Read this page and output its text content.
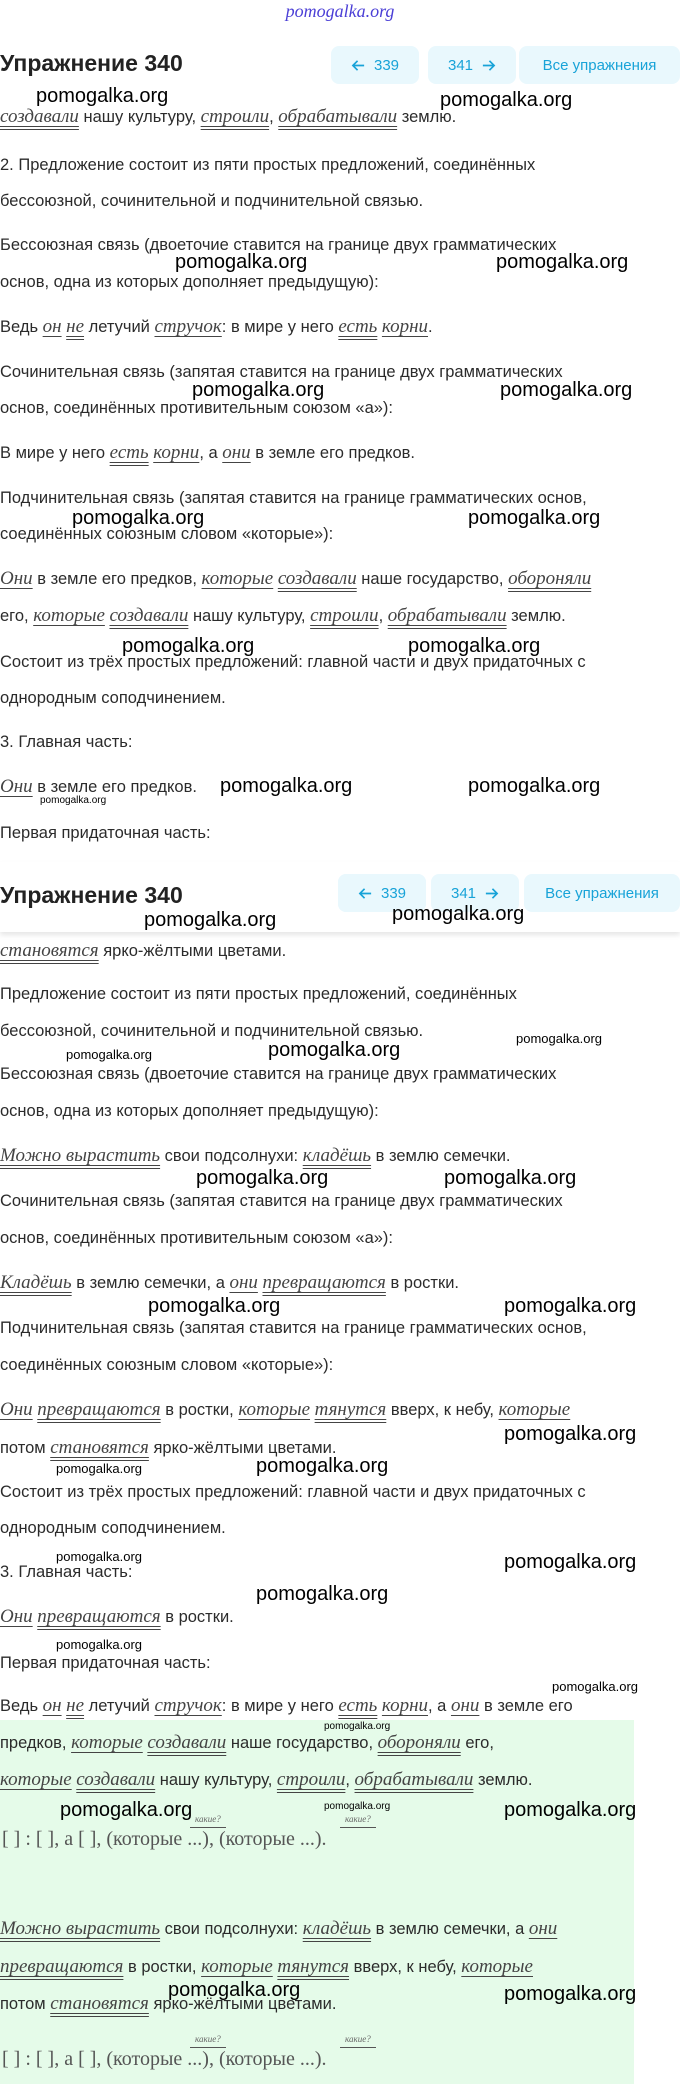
pomogalka.org
Упражнение 340	339	341	Все упражнения

создавали нашу культуру, строили, обрабатывали землю.

2. Предложение состоит из пяти простых предложений, соединённых

бессоюзной, сочинительной и подчинительной связью.

Бессоюзная связь (двоеточие ставится на границе двух грамматических

основ, одна из которых дополняет предыдущую):

Ведь он не летучий стручок: в мире у него есть корни.

Сочинительная связь (запятая ставится на границе двух грамматических

основ, соединённых противительным союзом «а»):

В мире у него есть корни, а они в земле его предков.

Подчинительная связь (запятая ставится на границе грамматических основ,

соединённых союзным словом «которые»):

Они в земле его предков, которые создавали наше государство, обороняли

его, которые создавали нашу культуру, строили, обрабатывали землю.

Состоит из трёх простых предложений: главной части и двух придаточных с

однородным соподчинением.

3. Главная часть:

Они в земле его предков.

Первая придаточная часть:

Упражнение 340	339	341	Все упражнения

становятся ярко-жёлтыми цветами.

Предложение состоит из пяти простых предложений, соединённых

бессоюзной, сочинительной и подчинительной связью.

Бессоюзная связь (двоеточие ставится на границе двух грамматических

основ, одна из которых дополняет предыдущую):

Можно вырастить свои подсолнухи: кладёшь в землю семечки.

Сочинительная связь (запятая ставится на границе двух грамматических

основ, соединённых противительным союзом «а»):

Кладёшь в землю семечки, а они превращаются в ростки.

Подчинительная связь (запятая ставится на границе грамматических основ,

соединённых союзным словом «которые»):

Они превращаются в ростки, которые тянутся вверх, к небу, которые

потом становятся ярко-жёлтыми цветами.

Состоит из трёх простых предложений: главной части и двух придаточных с

однородным соподчинением.

3. Главная часть:

Они превращаются в ростки.

Первая придаточная часть:

Ведь он не летучий стручок: в мире у него есть корни, а они в земле его

предков, которые создавали наше государство, обороняли его,

которые создавали нашу культуру, строили, обрабатывали землю.

какие?	какие?
[ ] : [ ], а [ ], (которые ...), (которые ...).

Можно вырастить свои подсолнухи: кладёшь в землю семечки, а они

превращаются в ростки, которые тянутся вверх, к небу, которые

потом становятся ярко-жёлтыми цветами.

какие?	какие?
[ ] : [ ], а [ ], (которые ...), (которые ...).
pomogalka.org	pomogalka.org
pomogalka.org	pomogalka.org
pomogalka.org	pomogalka.org
pomogalka.org	pomogalka.org
pomogalka.org	pomogalka.org
pomogalka.org	pomogalka.org
pomogalka.org
pomogalka.org	pomogalka.org
pomogalka.org
pomogalka.org	pomogalka.org
pomogalka.org	pomogalka.org
pomogalka.org	pomogalka.org
pomogalka.org
pomogalka.org	pomogalka.org
pomogalka.org	pomogalka.org
pomogalka.org
pomogalka.org
pomogalka.org
pomogalka.org
pomogalka.org	pomogalka.org	pomogalka.org
pomogalka.org	pomogalka.org
